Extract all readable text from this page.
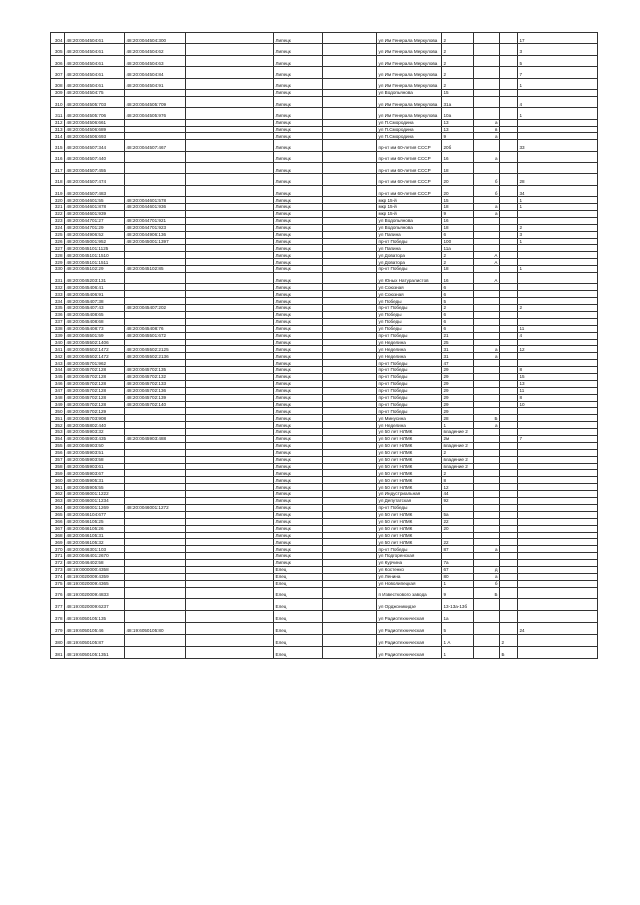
304	48:20:0044504:61	48:20:0044504:300		Липецк		ул Им Генерала Меркулова	2			17
305	48:20:0044504:61	48:20:0044504:62		Липецк		ул Им Генерала Меркулова	2			3
306	48:20:0044504:61	48:20:0044504:63		Липецк		ул Им Генерала Меркулова	2			5
307	48:20:0044504:61	48:20:0044504:84		Липецк		ул Им Генерала Меркулова	2			7
308	48:20:0044504:61	48:20:0044504:91		Липецк		ул Им Генерала Меркулова	2			1
309	48:20:0044504:75			Липецк		ул Водопьянова	15			
310	48:20:0044505:703	48:20:0044505:709		Липецк		ул Им Генерала Меркулова	31а			4
311	48:20:0044505:706	48:20:0044505:976		Липецк		ул Им Генерала Меркулова	10а			1
312	48:20:0044506:661			Липецк		ул П.Смородина	13	а		
313	48:20:0044506:689			Липецк		ул П.Смородина	13	в		
314	48:20:0044506:693			Липецк		ул П.Смородина	9	а		
315	48:20:0044507:344	48:20:0044507:467		Липецк		пр-кт им 60-летия СССР	20б			33
316	48:20:0044507:440			Липецк		пр-кт им 60-летия СССР	16	а		
317	48:20:0044507:455			Липецк		пр-кт им 60-летия СССР	18			
318	48:20:0044507:474			Липецк		пр-кт им 60-летия СССР	20	б		28
319	48:20:0044507:483			Липецк		пр-кт им 60-летия СССР	20	б		34
320	48:20:0044601:55	48:20:0044601:578		Липецк		мкр 15-й	15			1
321	48:20:0044601:878	48:20:0044601:936		Липецк		мкр 15-й	18	а		1
322	48:20:0044601:939			Липецк		мкр 15-й	9	а		
323	48:20:0044701:27	48:20:0044701:921		Липецк		ул Водопьянова	16			
324	48:20:0044701:29	48:20:0044701:923		Липецк		ул Водопьянова	18			2
325	48:20:0044906:52	48:20:0044906:136		Липецк		ул Папина	6			3
326	48:20:0045001:952	48:20:0045001:1397		Липецк		пр-кт Победы	100			1
327	48:20:0045101:1125			Липецк		ул Папина	11а			
328	48:20:0045101:1510			Липецк		ул Доватора	2	А		
329	48:20:0045101:1511			Липецк		ул Доватора	2	А		
330	48:20:0045102:29	48:20:0045102:85		Липецк		пр-кт Победы	18			1
331	48:20:0045203:131			Липецк		ул Юных Натуралистов	16	А		
332	48:20:0045406:41			Липецк		ул Союзная	6			
333	48:20:0045406:91			Липецк		ул Союзная	6			
334	48:20:0045407:38			Липецк		ул Победы	5			
335	48:20:0045407:43	48:20:0045407:202		Липецк		пр-кт Победы	2			2
336	48:20:0045408:65			Липецк		ул Победы	6			
337	48:20:0045408:68			Липецк		ул Победы	6			
338	48:20:0045408:73	48:20:0045408:76		Липецк		ул Победы	6			11
339	48:20:0045501:59	48:20:0045501:672		Липецк		пр-кт Победы	21			4
340	48:20:0045502:1406			Липецк		ул Неделина	25			
341	48:20:0045502:1472	48:20:0045502:2125		Липецк		ул Неделина	31	а		12
342	48:20:0045502:1472	48:20:0045502:2136		Липецк		ул Неделина	31	а		
343	48:20:0045701:962			Липецк		пр-кт Победы	47			
344	48:20:0045702:128	48:20:0045702:135		Липецк		пр-кт Победы	29			8
345	48:20:0045702:128	48:20:0045702:132		Липецк		пр-кт Победы	29			15
346	48:20:0045702:128	48:20:0045702:133		Липецк		пр-кт Победы	29			13
347	48:20:0045702:128	48:20:0045702:136		Липецк		пр-кт Победы	29			11
348	48:20:0045702:128	48:20:0045702:139		Липецк		пр-кт Победы	29			8
349	48:20:0045702:128	48:20:0045702:140		Липецк		пр-кт Победы	29			10
350	48:20:0045702:129			Липецк		пр-кт Победы	29			
351	48:20:0045703:908			Липецк		ул Минусина	28	Б		
352	48:20:0045802:440			Липецк		ул Неделина	1	а		
353	48:20:0045903:32			Липецк		ул 50 лет НЛМК	владение 2			
354	48:20:0045903:435	48:20:0045903:488		Липецк		ул 50 лет НЛМК	2м			7
355	48:20:0045903:50			Липецк		ул 50 лет НЛМК	владение 2			
356	48:20:0045903:51			Липецк		ул 50 лет НЛМК	2			
357	48:20:0045903:58			Липецк		ул 50 лет НЛМК	владение 2			
358	48:20:0045903:61			Липецк		ул 50 лет НЛМК	владение 2			
359	48:20:0045903:67			Липецк		ул 50 лет НЛМК	2			
360	48:20:0045905:31			Липецк		ул 50 лет НЛМК	8			
361	48:20:0045905:55			Липецк		ул 50 лет НЛМК	12			
362	48:20:0046001:1222			Липецк		ул Индустриальная	44			
363	48:20:0046001:1234			Липецк		ул Депутатская	92			
364	48:20:0046001:1269	48:20:0046001:1272		Липецк		пр-кт Победы				
365	48:20:0046104:677			Липецк		ул 50 лет НЛМК	5а			
366	48:20:0046105:25			Липецк		ул 50 лет НЛМК	22			
367	48:20:0046105:26			Липецк		ул 50 лет НЛМК	20			
368	48:20:0046105:31			Липецк		ул 50 лет НЛМК				
369	48:20:0046105:32			Липецк		ул 50 лет НЛМК	22			
370	48:20:0046301:103			Липецк		пр-кт Победы	87	а		
371	48:20:0046401:2670			Липецк		ул Подгоренская				
372	48:20:0046402:58			Липецк		ул Курчина	7а			
373	48:19:0000000:4358			Елец		ул Костенко	67	д		
374	48:19:0020009:4359			Елец		ул Ленина	80	а		
375	48:19:0020009:4365			Елец		ул Новолипецкая	1	б		
376	48:19:0020009:4833			Елец		п Известкового завода	9	Б		
377	48:19:0020009:6237			Елец		ул Орджоникидзе	13-13а-13б			
378	48:19:6050105:135			Елец		ул Радиотехническая	1а			
379	48:19:6050105:46	48:19:6050105:80		Елец		ул Радиотехническая	5			24
380	48:19:6050105:87			Елец		ул Радиотехническая	1 А		2	
381	48:19:6050105:1351			Елец		ул Радиотехническая	1		Б	
